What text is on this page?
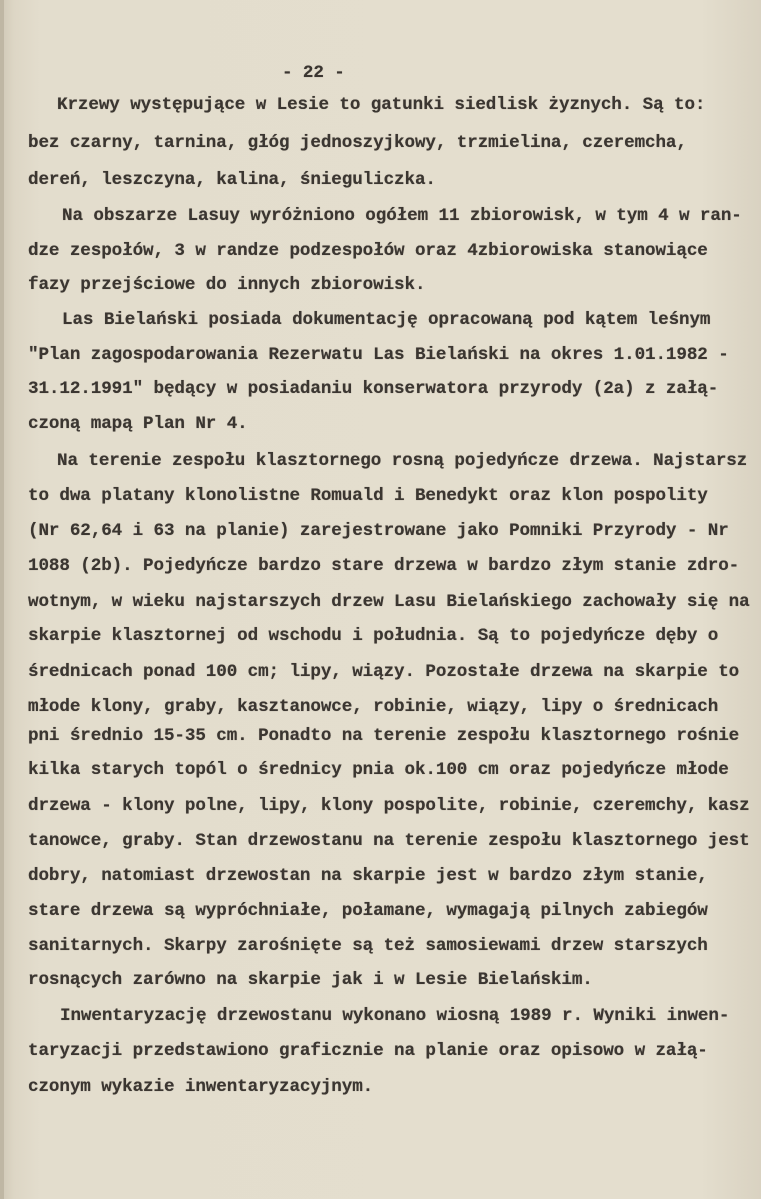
- 22 -
Krzewy występujące w Lesie to gatunki siedlisk żyznych. Są to:
bez czarny, tarnina, głóg jednoszyjkowy, trzmielina, czeremcha,
dereń, leszczyna, kalina, śnieguliczka.
Na obszarze Lasuy wyróżniono ogółem 11 zbiorowisk, w tym 4 w ran-
dze zespołów, 3 w randze podzespołów oraz 4zbiorowiska stanowiące
fazy przejściowe do innych zbiorowisk.
Las Bielański posiada dokumentację opracowaną pod kątem leśnym
"Plan zagospodarowania Rezerwatu Las Bielański na okres 1.01.1982 -
31.12.1991" będący w posiadaniu konserwatora przyrody (2a) z załą-
czoną mapą Plan Nr 4.
Na terenie zespołu klasztornego rosną pojedyńcze drzewa. Najstarsz
to dwa platany klonolistne Romuald i Benedykt oraz klon pospolity
(Nr 62,64 i 63 na planie) zarejestrowane jako Pomniki Przyrody - Nr
1088 (2b). Pojedyńcze bardzo stare drzewa w bardzo złym stanie zdro-
wotnym, w wieku najstarszych drzew Lasu Bielańskiego zachowały się na
skarpie klasztornej od wschodu i południa. Są to pojedyńcze dęby o
średnicach ponad 100 cm; lipy, wiązy. Pozostałe drzewa na skarpie to
młode klony, graby, kasztanowce, robinie, wiązy, lipy o średnicach
pni średnio 15-35 cm. Ponadto na terenie zespołu klasztornego rośnie
kilka starych topól o średnicy pnia ok.100 cm oraz pojedyńcze młode
drzewa - klony polne, lipy, klony pospolite, robinie, czeremchy, kasz
tanowce, graby. Stan drzewostanu na terenie zespołu klasztornego jest
dobry, natomiast drzewostan na skarpie jest w bardzo złym stanie,
stare drzewa są wypróchniałe, połamane, wymagają pilnych zabiegów
sanitarnych. Skarpy zarośnięte są też samosiewami drzew starszych
rosnących zarówno na skarpie jak i w Lesie Bielańskim.
Inwentaryzację drzewostanu wykonano wiosną 1989 r. Wyniki inwen-
taryzacji przedstawiono graficznie na planie oraz opisowo w załą-
czonym wykazie inwentaryzacyjnym.
